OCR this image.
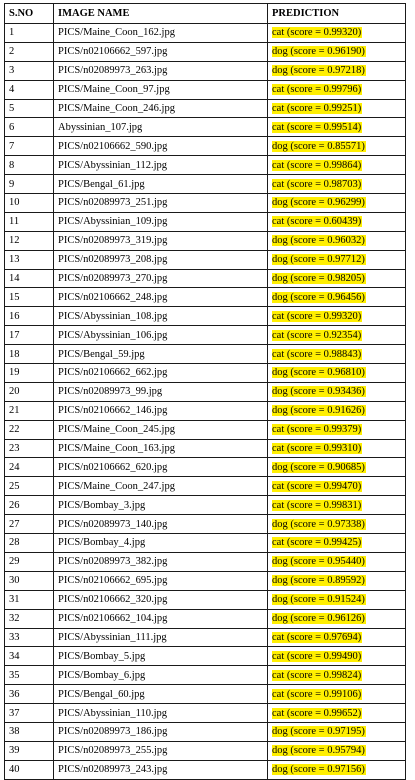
S.NO	IMAGE NAME	PREDICTION
1	PICS/Maine_Coon_162.jpg	cat (score = 0.99320)
2	PICS/n02106662_597.jpg	dog (score = 0.96190)
3	PICS/n02089973_263.jpg	dog (score = 0.97218)
4	PICS/Maine_Coon_97.jpg	cat (score = 0.99796)
5	PICS/Maine_Coon_246.jpg	cat (score = 0.99251)
6	Abyssinian_107.jpg	cat (score = 0.99514)
7	PICS/n02106662_590.jpg	dog (score = 0.85571)
8	PICS/Abyssinian_112.jpg	cat (score = 0.99864)
9	PICS/Bengal_61.jpg	cat (score = 0.98703)
10	PICS/n02089973_251.jpg	dog (score = 0.96299)
11	PICS/Abyssinian_109.jpg	cat (score = 0.60439)
12	PICS/n02089973_319.jpg	dog (score = 0.96032)
13	PICS/n02089973_208.jpg	dog (score = 0.97712)
14	PICS/n02089973_270.jpg	dog (score = 0.98205)
15	PICS/n02106662_248.jpg	dog (score = 0.96456)
16	PICS/Abyssinian_108.jpg	cat (score = 0.99320)
17	PICS/Abyssinian_106.jpg	cat (score = 0.92354)
18	PICS/Bengal_59.jpg	cat (score = 0.98843)
19	PICS/n02106662_662.jpg	dog (score = 0.96810)
20	PICS/n02089973_99.jpg	dog (score = 0.93436)
21	PICS/n02106662_146.jpg	dog (score = 0.91626)
22	PICS/Maine_Coon_245.jpg	cat (score = 0.99379)
23	PICS/Maine_Coon_163.jpg	cat (score = 0.99310)
24	PICS/n02106662_620.jpg	dog (score = 0.90685)
25	PICS/Maine_Coon_247.jpg	cat (score = 0.99470)
26	PICS/Bombay_3.jpg	cat (score = 0.99831)
27	PICS/n02089973_140.jpg	dog (score = 0.97338)
28	PICS/Bombay_4.jpg	cat (score = 0.99425)
29	PICS/n02089973_382.jpg	dog (score = 0.95440)
30	PICS/n02106662_695.jpg	dog (score = 0.89592)
31	PICS/n02106662_320.jpg	dog (score = 0.91524)
32	PICS/n02106662_104.jpg	dog (score = 0.96126)
33	PICS/Abyssinian_111.jpg	cat (score = 0.97694)
34	PICS/Bombay_5.jpg	cat (score = 0.99490)
35	PICS/Bombay_6.jpg	cat (score = 0.99824)
36	PICS/Bengal_60.jpg	cat (score = 0.99106)
37	PICS/Abyssinian_110.jpg	cat (score = 0.99652)
38	PICS/n02089973_186.jpg	dog (score = 0.97195)
39	PICS/n02089973_255.jpg	dog (score = 0.95794)
40	PICS/n02089973_243.jpg	dog (score = 0.97156)
